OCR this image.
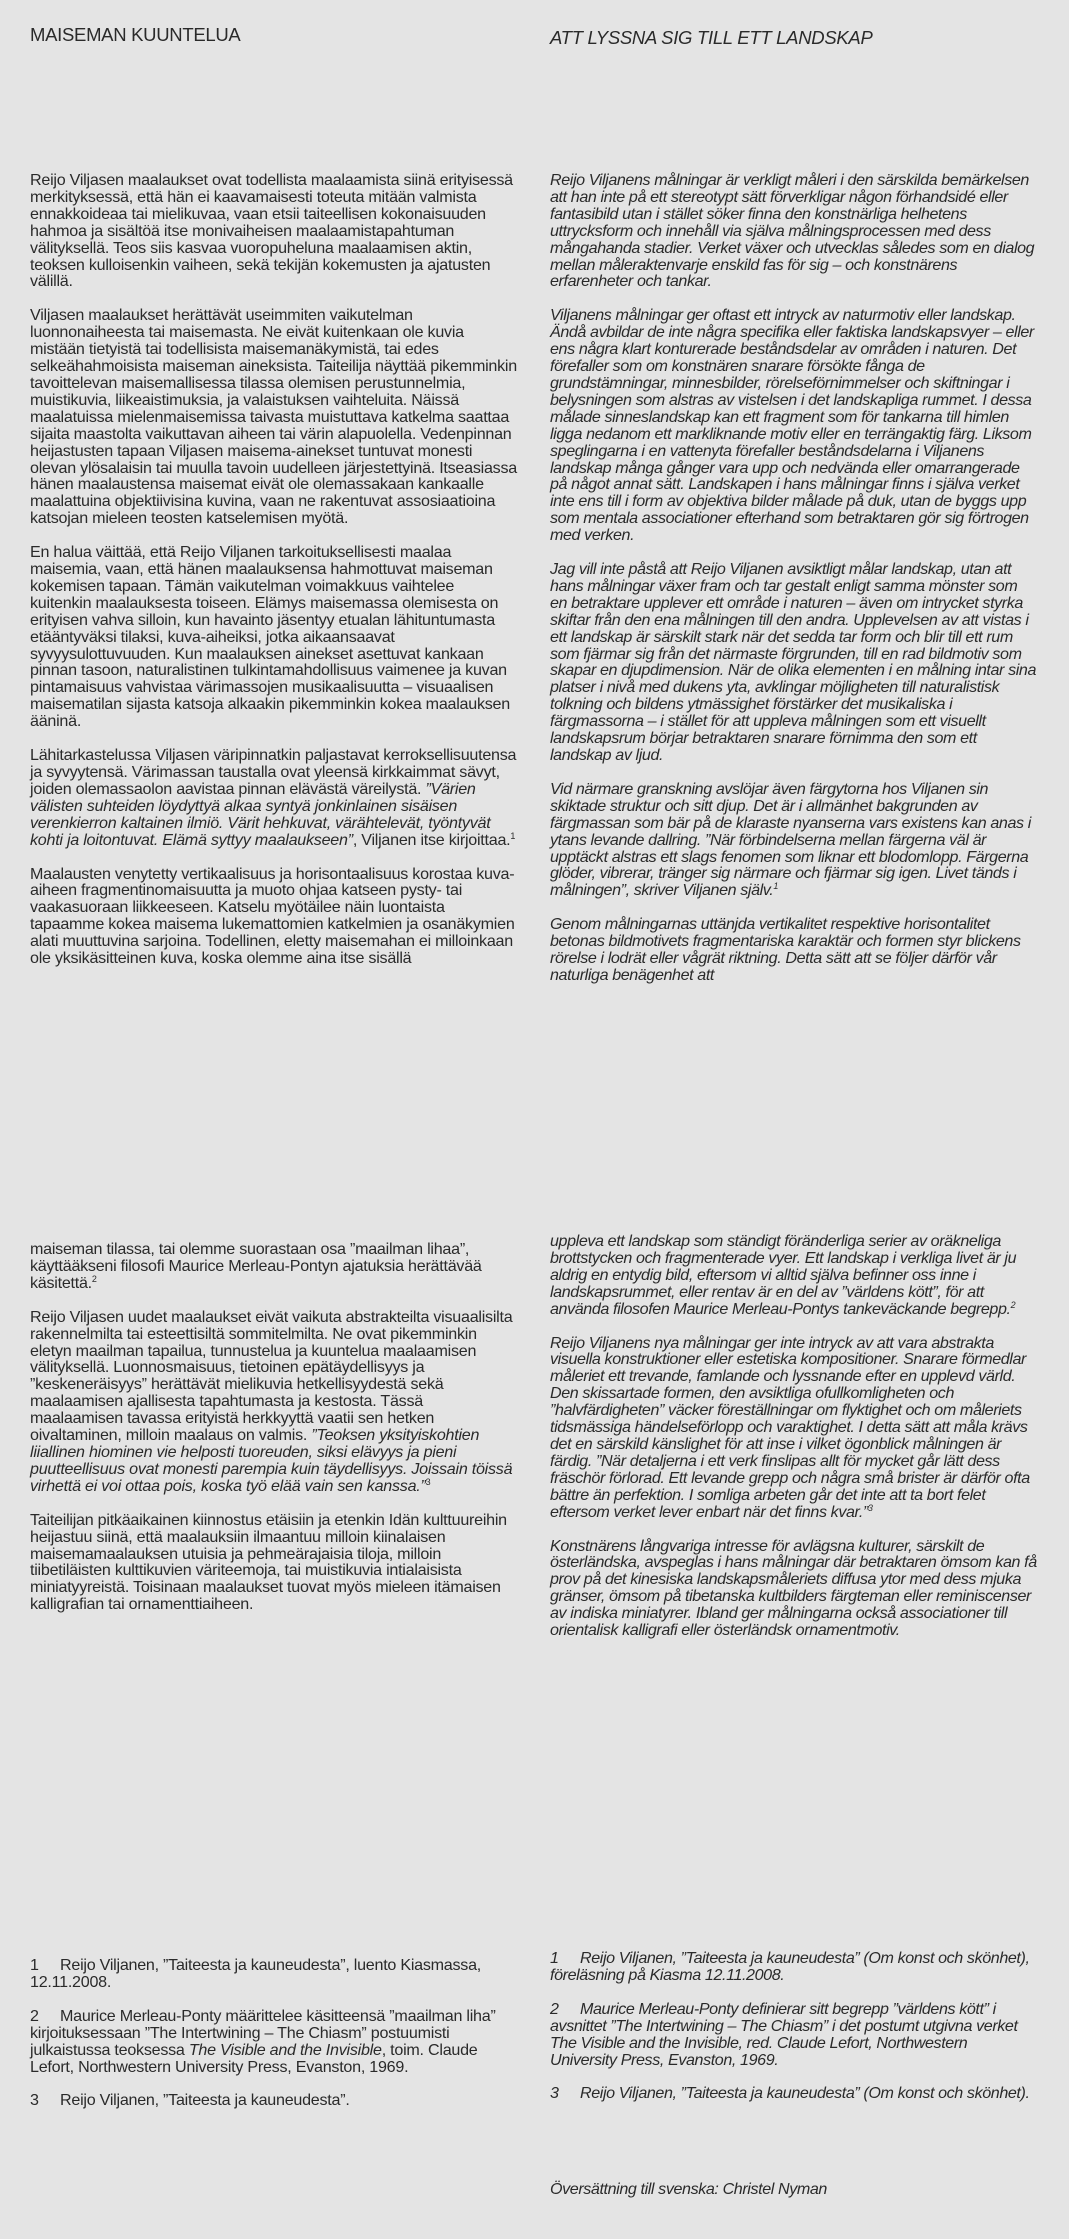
MAISEMAN KUUNTELUA	ATT LYSSNA SIG TILL ETT LANDSKAP

Reijo Viljasen maalaukset ovat todellista maalaamista siinä erityisessä merkityksessä, että hän ei kaavamaisesti toteuta mitään valmista ennakkoideaa tai mielikuvaa, vaan etsii taiteellisen kokonaisuuden hahmoa ja sisältöä itse monivaiheisen maalaamistapahtuman välityksellä. Teos siis kasvaa vuoropuheluna maalaamisen aktin, teoksen kulloisenkin vaiheen, sekä tekijän kokemusten ja ajatusten välillä.

Viljasen maalaukset herättävät useimmiten vaikutelman luonnonaiheesta tai maisemasta. Ne eivät kuitenkaan ole kuvia mistään tietyistä tai todellisista maisemanäkymistä, tai edes selkeähahmoisista maiseman aineksista. Taiteilija näyttää pikemminkin tavoittelevan maisemallisessa tilassa olemisen perustunnelmia, muistikuvia, liikeaistimuksia, ja valaistuksen vaihteluita. Näissä maalatuissa mielenmaisemissa taivasta muistuttava katkelma saattaa sijaita maastolta vaikuttavan aiheen tai värin alapuolella. Vedenpinnan heijastusten tapaan Viljasen maisema-ainekset tuntuvat monesti olevan ylösalaisin tai muulla tavoin uudelleen järjestettyinä. Itseasiassa hänen maalaustensa maisemat eivät ole olemassakaan kankaalle maalattuina objektiivisina kuvina, vaan ne rakentuvat assosiaatioina katsojan mieleen teosten katselemisen myötä.

En halua väittää, että Reijo Viljanen tarkoituksellisesti maalaa maisemia, vaan, että hänen maalauksensa hahmottuvat maiseman kokemisen tapaan. Tämän vaikutelman voimakkuus vaihtelee kuitenkin maalauksesta toiseen. Elämys maisemassa olemisesta on erityisen vahva silloin, kun havainto jäsentyy etualan lähituntumasta etääntyväksi tilaksi, kuva-aiheiksi, jotka aikaansaavat syvyysulottuvuuden. Kun maalauksen ainekset asettuvat kankaan pinnan tasoon, naturalistinen tulkintamahdollisuus vaimenee ja kuvan pintamaisuus vahvistaa värimassojen musikaalisuutta – visuaalisen maisematilan sijasta katsoja alkaakin pikemminkin kokea maalauksen ääninä.

Lähitarkastelussa Viljasen väripinnatkin paljastavat kerroksellisuutensa ja syvyytensä. Värimassan taustalla ovat yleensä kirkkaimmat sävyt, joiden olemassaolon aavistaa pinnan elävästä väreilystä. ”Värien välisten suhteiden löydyttyä alkaa syntyä jonkinlainen sisäisen verenkierron kaltainen ilmiö. Värit hehkuvat, värähtelevät, työntyvät kohti ja loitontuvat. Elämä syttyy maalaukseen”, Viljanen itse kirjoittaa.$^1$

Maalausten venytetty vertikaalisuus ja horisontaalisuus korostaa kuva-aiheen fragmentinomaisuutta ja muoto ohjaa katseen pysty- tai vaakasuoraan liikkeeseen. Katselu myötäilee näin luontaista tapaamme kokea maisema lukemattomien katkelmien ja osanäkymien alati muuttuvina sarjoina. Todellinen, eletty maisemahan ei milloinkaan ole yksikäsitteinen kuva, koska olemme aina itse sisällä

Reijo Viljanens målningar är verkligt måleri i den särskilda bemärkelsen att han inte på ett stereotypt sätt förverkligar någon förhandsidé eller fantasibild utan i stället söker finna den konstnärliga helhetens uttrycksform och innehåll via själva målningsprocessen med dess mångahanda stadier. Verket växer och utvecklas således som en dialog mellan måleraktenvarje enskild fas för sig – och konstnärens erfarenheter och tankar.

Viljanens målningar ger oftast ett intryck av naturmotiv eller landskap. Ändå avbildar de inte några specifika eller faktiska landskapsvyer – eller ens några klart konturerade beståndsdelar av områden i naturen. Det förefaller som om konstnären snarare försökte fånga de grundstämningar, minnesbilder, rörelseförnimmelser och skiftningar i belysningen som alstras av vistelsen i det landskapliga rummet. I dessa målade sinneslandskap kan ett fragment som för tankarna till himlen ligga nedanom ett markliknande motiv eller en terrängaktig färg. Liksom speglingarna i en vattenyta förefaller beståndsdelarna i Viljanens landskap många gånger vara upp och nedvända eller omarrangerade på något annat sätt. Landskapen i hans målningar finns i själva verket inte ens till i form av objektiva bilder målade på duk, utan de byggs upp som mentala associationer efterhand som betraktaren gör sig förtrogen med verken.

Jag vill inte påstå att Reijo Viljanen avsiktligt målar landskap, utan att hans målningar växer fram och tar gestalt enligt samma mönster som en betraktare upplever ett område i naturen – även om intrycket styrka skiftar från den ena målningen till den andra. Upplevelsen av att vistas i ett landskap är särskilt stark när det sedda tar form och blir till ett rum som fjärmar sig från det närmaste förgrunden, till en rad bildmotiv som skapar en djupdimension. När de olika elementen i en målning intar sina platser i nivå med dukens yta, avklingar möjligheten till naturalistisk tolkning och bildens ytmässighet förstärker det musikaliska i färgmassorna – i stället för att uppleva målningen som ett visuellt landskapsrum börjar betraktaren snarare förnimma den som ett landskap av ljud.

Vid närmare granskning avslöjar även färgytorna hos Viljanen sin skiktade struktur och sitt djup. Det är i allmänhet bakgrunden av färgmassan som bär på de klaraste nyanserna vars existens kan anas i ytans levande dallring. ”När förbindelserna mellan färgerna väl är upptäckt alstras ett slags fenomen som liknar ett blodomlopp. Färgerna glöder, vibrerar, tränger sig närmare och fjärmar sig igen. Livet tänds i målningen”, skriver Viljanen själv.$^1$

Genom målningarnas uttänjda vertikalitet respektive horisontalitet betonas bildmotivets fragmentariska karaktär och formen styr blickens rörelse i lodrät eller vågrät riktning. Detta sätt att se följer därför vår naturliga benägenhet att

maiseman tilassa, tai olemme suorastaan osa ”maailman lihaa”, käyttääkseni filosofi Maurice Merleau-Pontyn ajatuksia herättävää käsitettä.$^2$

Reijo Viljasen uudet maalaukset eivät vaikuta abstrakteilta visuaalisilta rakennelmilta tai esteettisiltä sommitelmilta. Ne ovat pikemminkin eletyn maailman tapailua, tunnustelua ja kuuntelua maalaamisen välityksellä. Luonnosmaisuus, tietoinen epätäydellisyys ja ”keskeneräisyys” herättävät mielikuvia hetkellisyydestä sekä maalaamisen ajallisesta tapahtumasta ja kestosta. Tässä maalaamisen tavassa erityistä herkkyyttä vaatii sen hetken oivaltaminen, milloin maalaus on valmis. ”Teoksen yksityiskohtien liiallinen hiominen vie helposti tuoreuden, siksi elävyys ja pieni puutteellisuus ovat monesti parempia kuin täydellisyys. Joissain töissä virhettä ei voi ottaa pois, koska työ elää vain sen kanssa.”$^3$

Taiteilijan pitkäaikainen kiinnostus etäisiin ja etenkin Idän kulttuureihin heijastuu siinä, että maalauksiin ilmaantuu milloin kiinalaisen maisemamaalauksen utuisia ja pehmeärajaisia tiloja, milloin tiibetiläisten kulttikuvien väriteemoja, tai muistikuvia intialaisista miniatyyreistä. Toisinaan maalaukset tuovat myös mieleen itämaisen kalligrafian tai ornamenttiaiheen.

uppleva ett landskap som ständigt föränderliga serier av oräkneliga brottstycken och fragmenterade vyer. Ett landskap i verkliga livet är ju aldrig en entydig bild, eftersom vi alltid själva befinner oss inne i landskapsrummet, eller rentav är en del av ”världens kött”, för att använda filosofen Maurice Merleau-Pontys tankeväckande begrepp.$^2$

Reijo Viljanens nya målningar ger inte intryck av att vara abstrakta visuella konstruktioner eller estetiska kompositioner. Snarare förmedlar måleriet ett trevande, famlande och lyssnande efter en upplevd värld. Den skissartade formen, den avsiktliga ofullkomligheten och ”halvfärdigheten” väcker föreställningar om flyktighet och om måleriets tidsmässiga händelseförlopp och varaktighet. I detta sätt att måla krävs det en särskild känslighet för att inse i vilket ögonblick målningen är färdig. ”När detaljerna i ett verk finslipas allt för mycket går lätt dess fräschör förlorad. Ett levande grepp och några små brister är därför ofta bättre än perfektion. I somliga arbeten går det inte att ta bort felet eftersom verket lever enbart när det finns kvar.”$^3$

Konstnärens långvariga intresse för avlägsna kulturer, särskilt de österländska, avspeglas i hans målningar där betraktaren ömsom kan få prov på det kinesiska landskapsmåleriets diffusa ytor med dess mjuka gränser, ömsom på tibetanska kultbilders färgteman eller reminiscenser av indiska miniatyrer. Ibland ger målningarna också associationer till orientalisk kalligrafi eller österländsk ornamentmotiv.

1 Reijo Viljanen, ”Taiteesta ja kauneudesta”, luento Kiasmassa, 12.11.2008.

2 Maurice Merleau-Ponty määrittelee käsitteensä ”maailman liha” kirjoituksessaan ”The Intertwining – The Chiasm” postuumisti julkaistussa teoksessa The Visible and the Invisible, toim. Claude Lefort, Northwestern University Press, Evanston, 1969.

3 Reijo Viljanen, ”Taiteesta ja kauneudesta”.

1 Reijo Viljanen, ”Taiteesta ja kauneudesta” (Om konst och skönhet), föreläsning på Kiasma 12.11.2008.

2 Maurice Merleau-Ponty definierar sitt begrepp ”världens kött” i avsnittet ”The Intertwining – The Chiasm” i det postumt utgivna verket The Visible and the Invisible, red. Claude Lefort, Northwestern University Press, Evanston, 1969.

3 Reijo Viljanen, ”Taiteesta ja kauneudesta” (Om konst och skönhet).

Översättning till svenska: Christel Nyman
